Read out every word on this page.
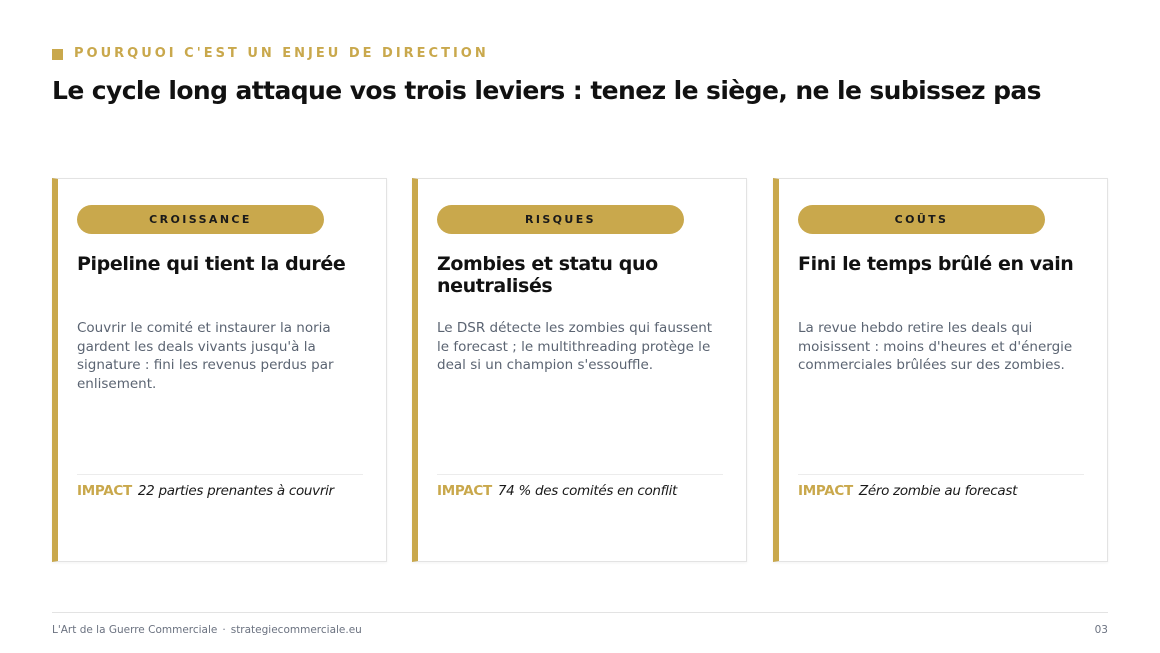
POURQUOI C'EST UN ENJEU DE DIRECTION
Le cycle long attaque vos trois leviers : tenez le siège, ne le subissez pas
CROISSANCE
Pipeline qui tient la durée

Couvrir le comité et instaurer la noria gardent les deals vivants jusqu'à la signature : fini les revenus perdus par enlisement.

IMPACT 22 parties prenantes à couvrir
RISQUES
Zombies et statu quo neutralisés

Le DSR détecte les zombies qui faussent le forecast ; le multithreading protège le deal si un champion s'essouffle.

IMPACT 74 % des comités en conflit
COÛTS
Fini le temps brûlé en vain

La revue hebdo retire les deals qui moisissent : moins d'heures et d'énergie commerciales brûlées sur des zombies.

IMPACT Zéro zombie au forecast
L'Art de la Guerre Commerciale · strategiecommerciale.eu	03
